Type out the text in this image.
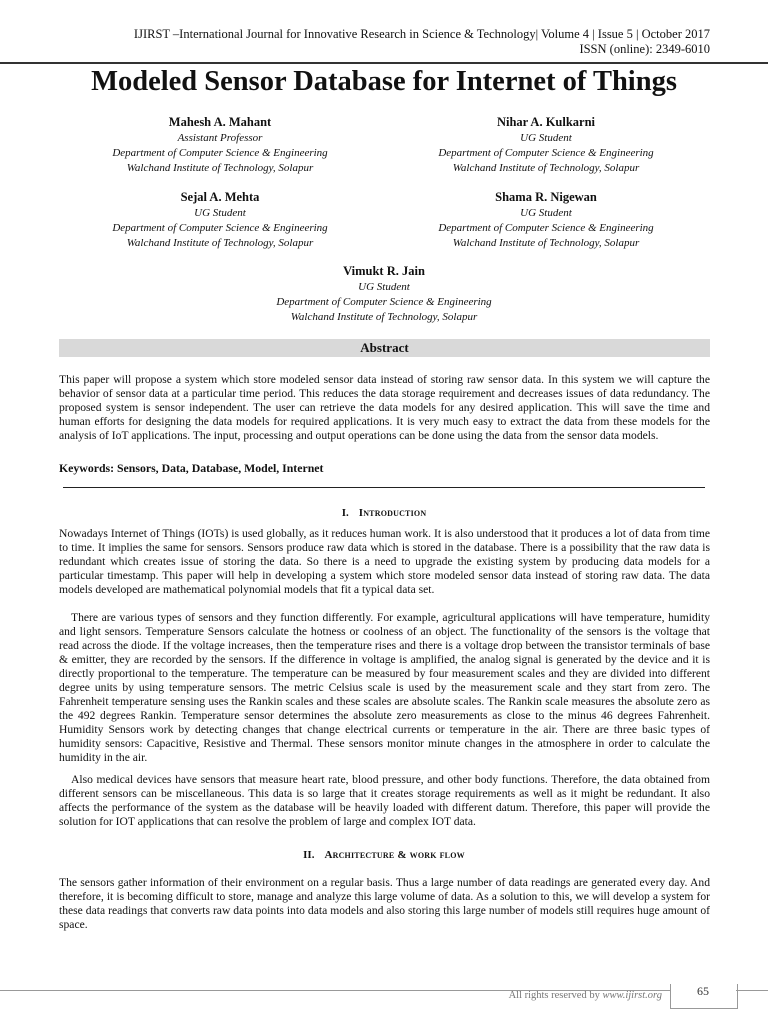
IJIRST –International Journal for Innovative Research in Science & Technology| Volume 4 | Issue 5 | October 2017
ISSN (online): 2349-6010
Modeled Sensor Database for Internet of Things
Mahesh A. Mahant
Assistant Professor
Department of Computer Science & Engineering
Walchand Institute of Technology, Solapur
Nihar A. Kulkarni
UG Student
Department of Computer Science & Engineering
Walchand Institute of Technology, Solapur
Sejal A. Mehta
UG Student
Department of Computer Science & Engineering
Walchand Institute of Technology, Solapur
Shama R. Nigewan
UG Student
Department of Computer Science & Engineering
Walchand Institute of Technology, Solapur
Vimukt R. Jain
UG Student
Department of Computer Science & Engineering
Walchand Institute of Technology, Solapur
Abstract

This paper will propose a system which store modeled sensor data instead of storing raw sensor data. In this system we will capture the behavior of sensor data at a particular time period. This reduces the data storage requirement and decreases issues of data redundancy. The proposed system is sensor independent. The user can retrieve the data models for any desired application. This will save the time and human efforts for designing the data models for required applications. It is very much easy to extract the data from these models for the analysis of IoT applications. The input, processing and output operations can be done using the data from the sensor data models.

Keywords: Sensors, Data, Database, Model, Internet
I. Introduction

Nowadays Internet of Things (IOTs) is used globally, as it reduces human work. It is also understood that it produces a lot of data from time to time. It implies the same for sensors. Sensors produce raw data which is stored in the database. There is a possibility that the raw data is redundant which creates issue of storing the data. So there is a need to upgrade the existing system by producing data models for a particular timestamp. This paper will help in developing a system which store modeled sensor data instead of storing raw data. The data models developed are mathematical polynomial models that fit a typical data set.

There are various types of sensors and they function differently. For example, agricultural applications will have temperature, humidity and light sensors. Temperature Sensors calculate the hotness or coolness of an object. The functionality of the sensors is the voltage that read across the diode. If the voltage increases, then the temperature rises and there is a voltage drop between the transistor terminals of base & emitter, they are recorded by the sensors. If the difference in voltage is amplified, the analog signal is generated by the device and it is directly proportional to the temperature. The temperature can be measured by four measurement scales and they are divided into different degree units by using temperature sensors. The metric Celsius scale is used by the measurement scale and they start from zero. The Fahrenheit temperature sensing uses the Rankin scales and these scales are absolute scales. The Rankin scale measures the absolute zero as the 492 degrees Rankin. Temperature sensor determines the absolute zero measurements as close to the minus 46 degrees Fahrenheit. Humidity Sensors work by detecting changes that change electrical currents or temperature in the air. There are three basic types of humidity sensors: Capacitive, Resistive and Thermal. These sensors monitor minute changes in the atmosphere in order to calculate the humidity in the air.

Also medical devices have sensors that measure heart rate, blood pressure, and other body functions. Therefore, the data obtained from different sensors can be miscellaneous. This data is so large that it creates storage requirements as well as it might be redundant. It also affects the performance of the system as the database will be heavily loaded with different datum. Therefore, this paper will provide the solution for IOT applications that can resolve the problem of large and complex IOT data.

II. Architecture & work flow

The sensors gather information of their environment on a regular basis. Thus a large number of data readings are generated every day. And therefore, it is becoming difficult to store, manage and analyze this large volume of data. As a solution to this, we will develop a system for these data readings that converts raw data points into data models and also storing this large number of models still requires huge amount of space.

All rights reserved by www.ijirst.org	65
